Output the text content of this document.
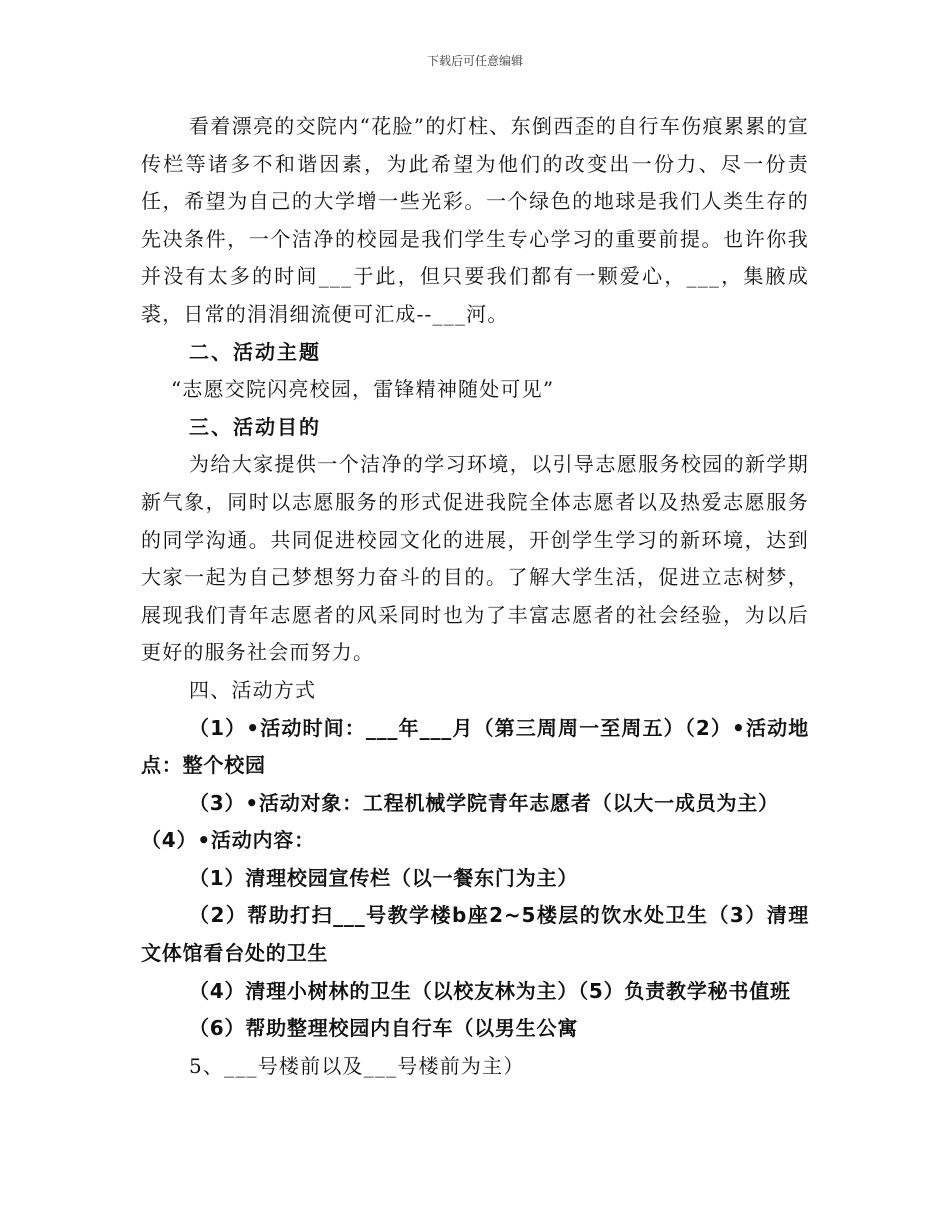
下载后可任意编辑

看着漂亮的交院内“花脸”的灯柱、东倒西歪的自行车伤痕累累的宣传栏等诸多不和谐因素，为此希望为他们的改变出一份力、尽一份责任，希望为自己的大学增一些光彩。一个绿色的地球是我们人类生存的先决条件，一个洁净的校园是我们学生专心学习的重要前提。也许你我并没有太多的时间___于此，但只要我们都有一颗爱心，___，集腋成裘，日常的涓涓细流便可汇成--___河。

二、活动主题

“志愿交院闪亮校园，雷锋精神随处可见”

三、活动目的

为给大家提供一个洁净的学习环境，以引导志愿服务校园的新学期新气象，同时以志愿服务的形式促进我院全体志愿者以及热爱志愿服务的同学沟通。共同促进校园文化的进展，开创学生学习的新环境，达到大家一起为自己梦想努力奋斗的目的。了解大学生活，促进立志树梦，展现我们青年志愿者的风采同时也为了丰富志愿者的社会经验，为以后更好的服务社会而努力。

四、活动方式

（1）•活动时间：___年___月（第三周周一至周五）（2）•活动地点：整个校园

（3）•活动对象：工程机械学院青年志愿者（以大一成员为主）

（4）•活动内容：

（1）清理校园宣传栏（以一餐东门为主）

（2）帮助打扫___号教学楼b座2~5楼层的饮水处卫生（3）清理文体馆看台处的卫生

（4）清理小树林的卫生（以校友林为主）（5）负责教学秘书值班

（6）帮助整理校园内自行车（以男生公寓

5、___号楼前以及___号楼前为主）
